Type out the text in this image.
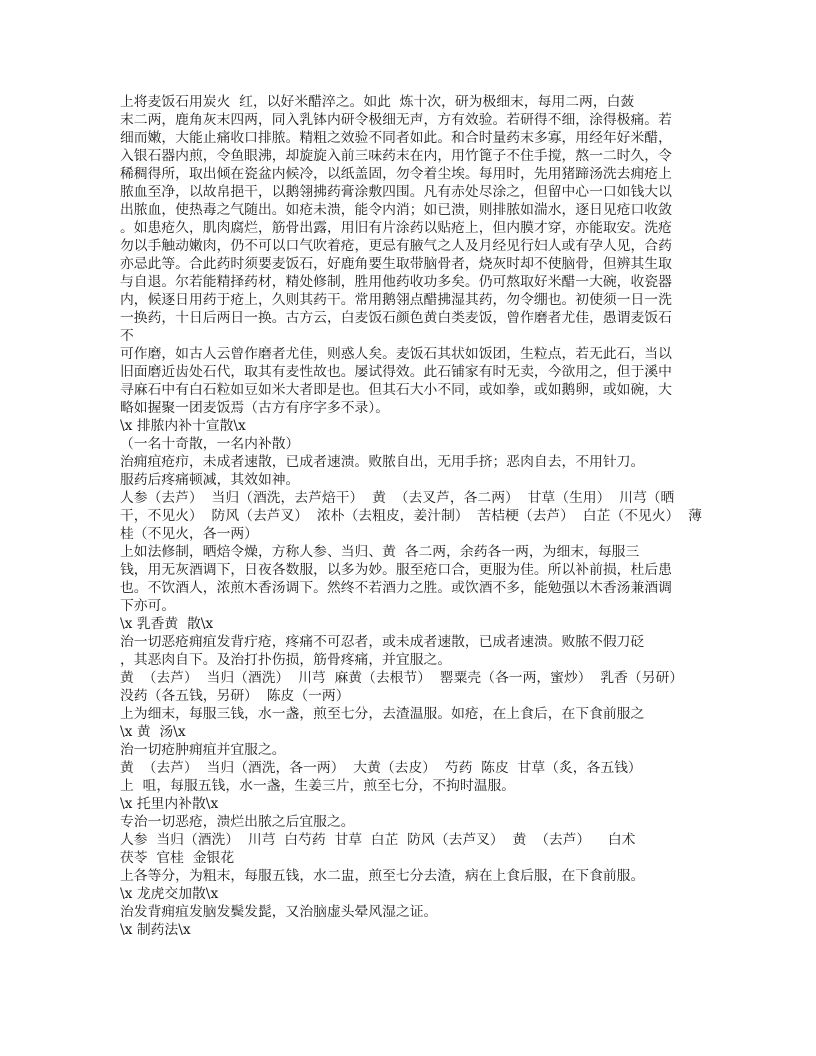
上将麦饭石用炭火  红，以好米醋淬之。如此  炼十次，研为极细末，每用二两，白蔹
末二两，鹿角灰末四两，同入乳钵内研令极细无声，方有效验。若研得不细，涂得极痛。若
细而嫩，大能止痛收口排脓。精粗之效验不同者如此。和合时量药末多寡，用经年好米醋，
入银石器内煎，令鱼眼沸，却旋旋入前三味药末在内，用竹篦子不住手搅，熬一二时久，令
稀稠得所，取出倾在瓷盆内候冷，以纸盖固，勿令着尘埃。每用时，先用猪蹄汤洗去痈疮上
脓血至净，以故帛挹干，以鹅翎拂药膏涂敷四围。凡有赤处尽涂之，但留中心一口如钱大以
出脓血，使热毒之气随出。如疮未溃，能令内消；如已溃，则排脓如湍水，逐日见疮口收敛
。如患疮久，肌肉腐烂，筋骨出露，用旧有片涂药以贴疮上，但内膜才穿，亦能取安。洗疮
勿以手触动嫩肉，仍不可以口气吹着疮，更忌有腋气之人及月经见行妇人或有孕人见，合药
亦忌此等。合此药时须要麦饭石，好鹿角要生取带脑骨者，烧灰时却不使脑骨，但辨其生取
与自退。尔若能精择药材，精处修制，胜用他药收功多矣。仍可熬取好米醋一大碗，收瓷器
内，候逐日用药于疮上，久则其药干。常用鹅翎点醋拂湿其药，勿令绷也。初使须一日一洗
一换药，十日后两日一换。古方云，白麦饭石颜色黄白类麦饭，曾作磨者尤佳，愚谓麦饭石
不
可作磨，如古人云曾作磨者尤佳，则惑人矣。麦饭石其状如饭团，生粒点，若无此石，当以
旧面磨近齿处石代，取其有麦性故也。屡试得效。此石铺家有时无卖，今欲用之，但于溪中
寻麻石中有白石粒如豆如米大者即是也。但其石大小不同，或如拳，或如鹅卵，或如碗，大
略如握聚一团麦饭焉（古方有序字多不录）。
\x 排脓内补十宣散\x
（一名十奇散，一名内补散）
治痈疽疮疖，未成者速散，已成者速溃。败脓自出，无用手挤；恶肉自去，不用针刀。
服药后疼痛顿减，其效如神。
人参（去芦）  当归（酒洗，去芦焙干）  黄  （去叉芦，各二两）  甘草（生用）  川芎（晒
干，不见火）  防风（去芦叉）  浓朴（去粗皮，姜汁制）  苦桔梗（去芦）  白芷（不见火）  薄
桂（不见火，各一两）
上如法修制，晒焙令燥，方称人参、当归、黄  各二两，余药各一两，为细末，每服三
钱，用无灰酒调下，日夜各数服，以多为妙。服至疮口合，更服为佳。所以补前损，杜后患
也。不饮酒人，浓煎木香汤调下。然终不若酒力之胜。或饮酒不多，能勉强以木香汤兼酒调
下亦可。
\x 乳香黄  散\x
治一切恶疮痈疽发背疔疮，疼痛不可忍者，或未成者速散，已成者速溃。败脓不假刀砭
，其恶肉自下。及治打扑伤损，筋骨疼痛，并宜服之。
黄  （去芦）  当归（酒洗）  川芎  麻黄（去根节）  罂粟壳（各一两，蜜炒）  乳香（另研）
没药（各五钱，另研）  陈皮（一两）
上为细末，每服三钱，水一盏，煎至七分，去渣温服。如疮，在上食后，在下食前服之
\x 黄  汤\x
治一切疮肿痈疽并宜服之。
黄  （去芦）  当归（酒洗，各一两）  大黄（去皮）  芍药  陈皮  甘草（炙，各五钱）
上  咀，每服五钱，水一盏，生姜三片，煎至七分，不拘时温服。
\x 托里内补散\x
专治一切恶疮，溃烂出脓之后宜服之。
人参  当归（酒洗）  川芎  白芍药  甘草  白芷  防风（去芦叉）  黄  （去芦）    白术
茯苓  官桂  金银花
上各等分，为粗末，每服五钱，水二盅，煎至七分去渣，病在上食后服，在下食前服。
\x 龙虎交加散\x
治发背痈疽发脑发鬓发髭，又治脑虚头晕风湿之证。
\x 制药法\x
